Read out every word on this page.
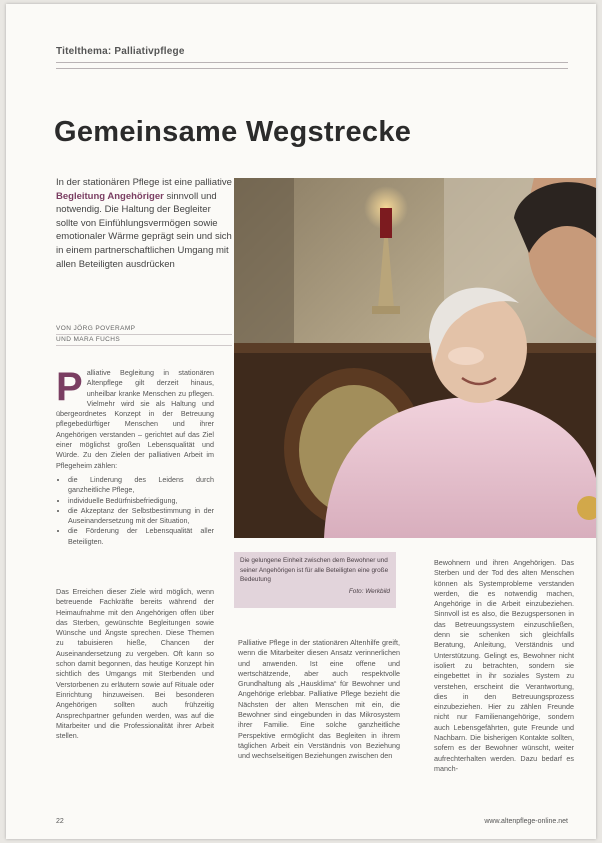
Titelthema: Palliativpflege
Gemeinsame Wegstrecke
In der stationären Pflege ist eine palliative Begleitung Angehöriger sinnvoll und notwendig. Die Haltung der Begleiter sollte von Einfühlungsvermögen sowie emotionaler Wärme geprägt sein und sich in einem partnerschaftlichen Umgang mit allen Beteiligten ausdrücken
VON JÖRG POVERAMP
UND MARA FUCHS
P alliative Begleitung in stationären Altenpflege gilt derzeit hinaus, unheilbar kranke Menschen zu pflegen. Vielmehr wird sie als Haltung und übergeordnetes Konzept in der Betreuung pflegebedürftiger Menschen und ihrer Angehörigen verstanden – gerichtet auf das Ziel einer möglichst großen Lebensqualität und Würde. Zu den Zielen der palliativen Arbeit im Pflegeheim zählen:
• die Linderung des Leidens durch ganzheitliche Pflege,
• individuelle Bedürfnisbefriedigung,
• die Akzeptanz der Selbstbestimmung in der Auseinandersetzung mit der Situation,
• die Förderung der Lebensqualität aller Beteiligten.
Das Erreichen dieser Ziele wird möglich, wenn betreuende Fachkräfte bereits während der Heimaufnahme mit den Angehörigen offen über das Sterben, gewünschte Begleitungen sowie Wünsche und Ängste sprechen. Diese Themen zu tabuisieren hieße, Chancen der Auseinandersetzung zu vergeben. Oft kann so schon damit begonnen, das heutige Konzept hin sichtlich des Umgangs mit Sterbenden und Verstorbenen zu erläutern sowie auf Rituale oder Einrichtung hinzuweisen. Bei besonderen Angehörigen sollten auch frühzeitig Ansprechpartner gefunden werden, was auf die Mitarbeiter und die Professionalität ihrer Arbeit stellen.
Die gelungene Einheit zwischen dem Bewohner und seiner Angehörigen ist für alle Beteiligten eine große Bedeutung
Foto: Werkbild
Palliative Pflege in der stationären Altenhilfe greift, wenn die Mitarbeiter diesen Ansatz verinnerlichen und anwenden. Ist eine offene und wertschätzende, aber auch respektvolle Grundhaltung als „Hausklima“ für Bewohner und Angehörige erlebbar. Palliative Pflege bezieht die Nächsten der alten Menschen mit ein, die Bewohner sind eingebunden in das Mikrosystem ihrer Familie. Eine solche ganzheitliche Perspektive ermöglicht das Begleiten in ihrem täglichen Arbeit ein Verständnis von Beziehung und wechselseitigen Beziehungen zwischen den
Bewohnern und ihren Angehörigen. Das Sterben und der Tod des alten Menschen können als Systemprobleme verstanden werden, die es notwendig machen, Angehörige in die Arbeit einzubeziehen. Sinnvoll ist es also, die Bezugspersonen in das Betreuungssystem einzuschließen, denn sie schenken sich gleichfalls Beratung, Anleitung, Verständnis und Unterstützung. Gelingt es, Bewohner nicht isoliert zu betrachten, sondern sie eingebettet in ihr soziales System zu verstehen, erscheint die Verantwortung, dies in den Betreuungsprozess einzubeziehen. Hier zu zählen Freunde nicht nur Familienangehörige, sondern auch Lebensgefährten, gute Freunde und Nachbarn. Die bisherigen Kontakte sollten, sofern es der Bewohner wünscht, weiter aufrechterhalten werden. Dazu bedarf es manch-
22	www.altenpflege-online.net
